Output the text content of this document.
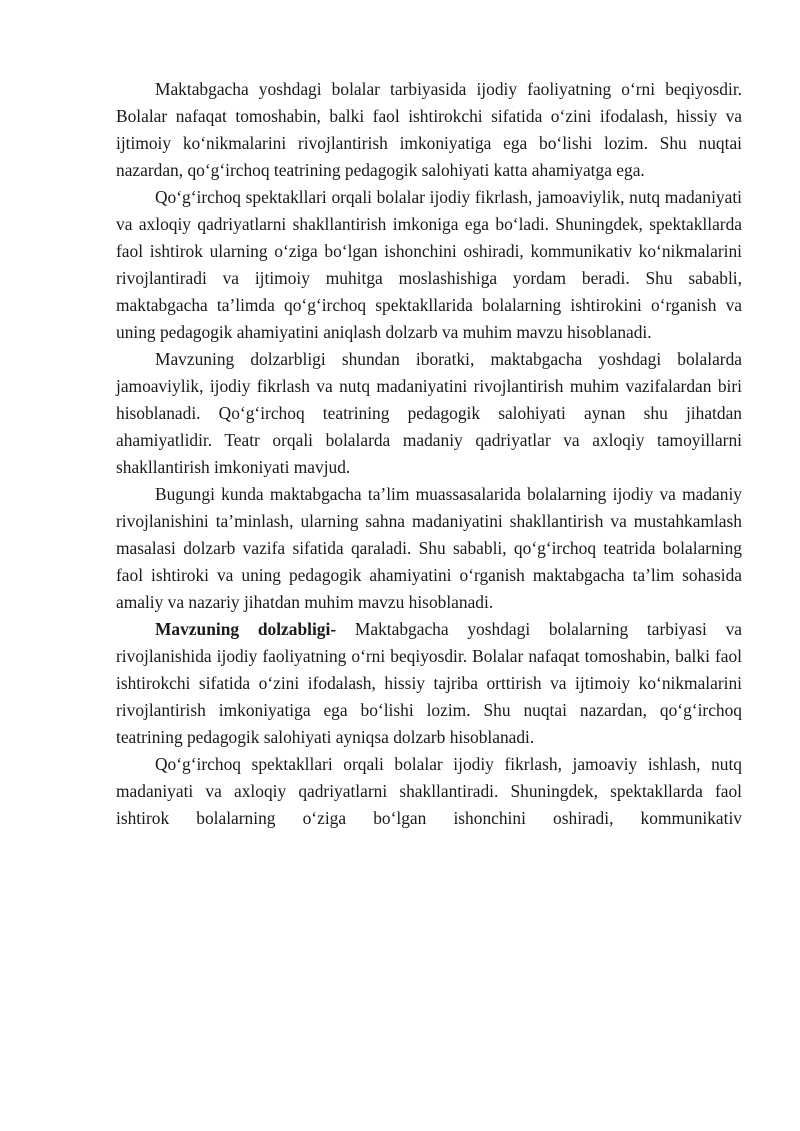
Maktabgacha yoshdagi bolalar tarbiyasida ijodiy faoliyatning o‘rni beqiyosdir. Bolalar nafaqat tomoshabin, balki faol ishtirokchi sifatida o‘zini ifodalash, hissiy va ijtimoiy ko‘nikmalarini rivojlantirish imkoniyatiga ega bo‘lishi lozim. Shu nuqtai nazardan, qo‘g‘irchoq teatrining pedagogik salohiyati katta ahamiyatga ega.

Qo‘g‘irchoq spektakllari orqali bolalar ijodiy fikrlash, jamoaviylik, nutq madaniyati va axloqiy qadriyatlarni shakllantirish imkoniga ega bo‘ladi. Shuningdek, spektakllarda faol ishtirok ularning o‘ziga bo‘lgan ishonchini oshiradi, kommunikativ ko‘nikmalarini rivojlantiradi va ijtimoiy muhitga moslashishiga yordam beradi. Shu sababli, maktabgacha ta’limda qo‘g‘irchoq spektakllarida bolalarning ishtirokini o‘rganish va uning pedagogik ahamiyatini aniqlash dolzarb va muhim mavzu hisoblanadi.

Mavzuning dolzarbligi shundan iboratki, maktabgacha yoshdagi bolalarda jamoaviylik, ijodiy fikrlash va nutq madaniyatini rivojlantirish muhim vazifalardan biri hisoblanadi. Qo‘g‘irchoq teatrining pedagogik salohiyati aynan shu jihatdan ahamiyatlidir. Teatr orqali bolalarda madaniy qadriyatlar va axloqiy tamoyillarni shakllantirish imkoniyati mavjud.

Bugungi kunda maktabgacha ta’lim muassasalarida bolalarning ijodiy va madaniy rivojlanishini ta’minlash, ularning sahna madaniyatini shakllantirish va mustahkamlash masalasi dolzarb vazifa sifatida qaraladi. Shu sababli, qo‘g‘irchoq teatrida bolalarning faol ishtiroki va uning pedagogik ahamiyatini o‘rganish maktabgacha ta’lim sohasida amaliy va nazariy jihatdan muhim mavzu hisoblanadi.

Mavzuning dolzabligi- Maktabgacha yoshdagi bolalarning tarbiyasi va rivojlanishida ijodiy faoliyatning o‘rni beqiyosdir. Bolalar nafaqat tomoshabin, balki faol ishtirokchi sifatida o‘zini ifodalash, hissiy tajriba orttirish va ijtimoiy ko‘nikmalarini rivojlantirish imkoniyatiga ega bo‘lishi lozim. Shu nuqtai nazardan, qo‘g‘irchoq teatrining pedagogik salohiyati ayniqsa dolzarb hisoblanadi.

Qo‘g‘irchoq spektakllari orqali bolalar ijodiy fikrlash, jamoaviy ishlash, nutq madaniyati va axloqiy qadriyatlarni shakllantiradi. Shuningdek, spektakllarda faol ishtirok bolalarning o‘ziga bo‘lgan ishonchini oshiradi, kommunikativ
